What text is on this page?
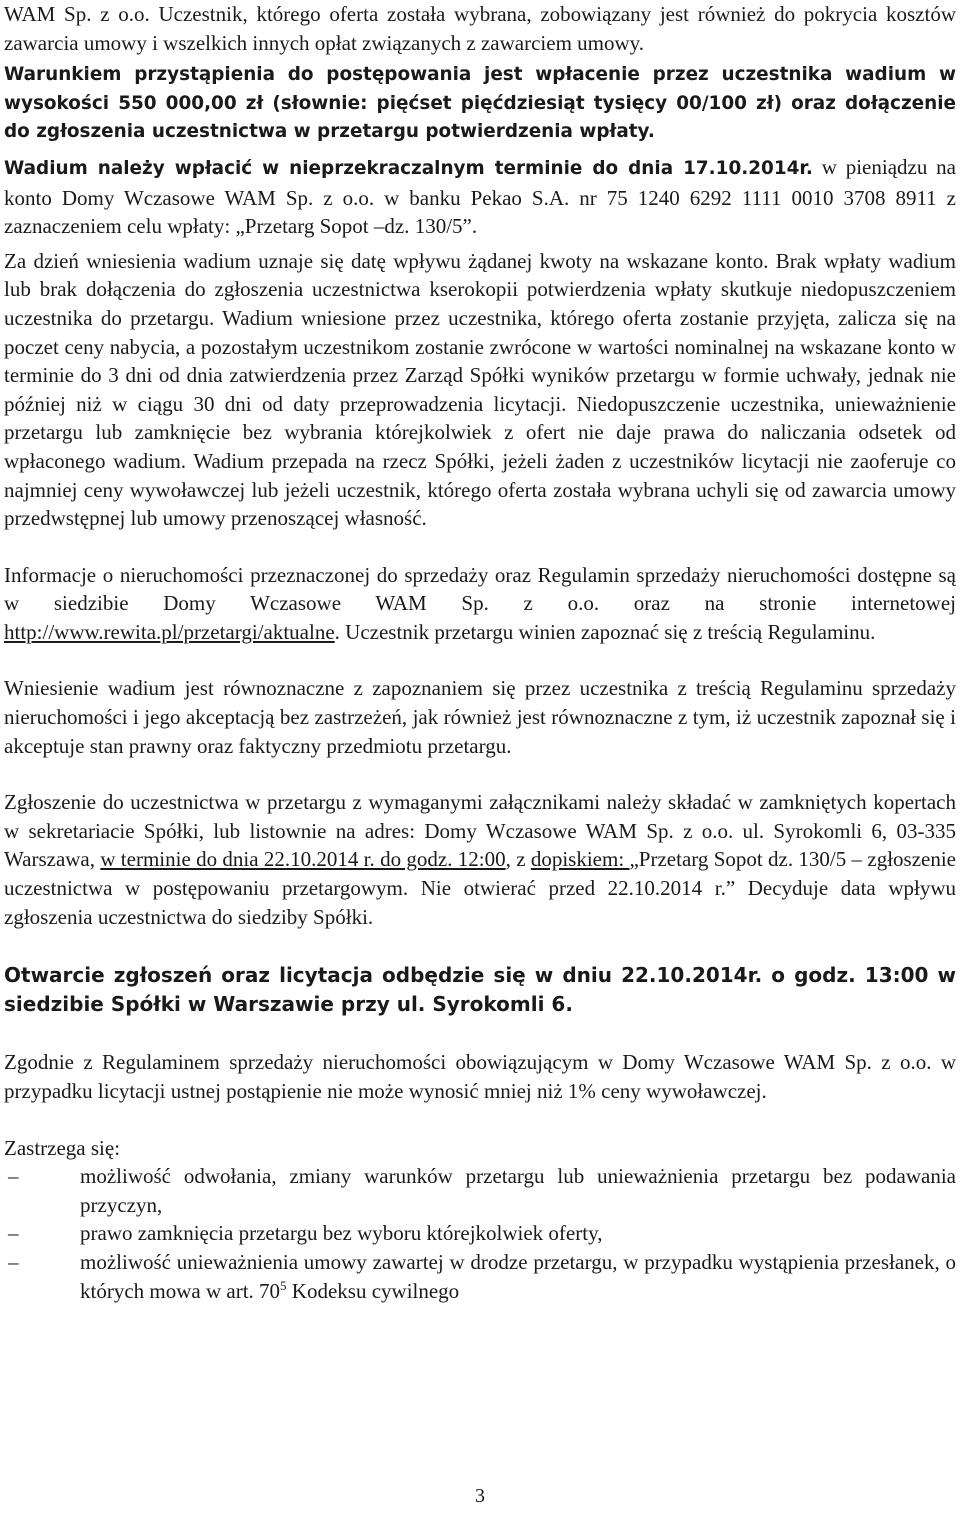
WAM Sp. z o.o. Uczestnik, którego oferta została wybrana, zobowiązany jest również do pokrycia kosztów zawarcia umowy i wszelkich innych opłat związanych z zawarciem umowy.

Warunkiem przystąpienia do postępowania jest wpłacenie przez uczestnika wadium w wysokości 550 000,00 zł (słownie: pięćset pięćdziesiąt tysięcy 00/100 zł) oraz dołączenie do zgłoszenia uczestnictwa w przetargu potwierdzenia wpłaty.

Wadium należy wpłacić w nieprzekraczalnym terminie do dnia 17.10.2014r. w pieniądzu na konto Domy Wczasowe WAM Sp. z o.o. w banku Pekao S.A. nr 75 1240 6292 1111 0010 3708 8911 z zaznaczeniem celu wpłaty: „Przetarg Sopot –dz. 130/5”.

Za dzień wniesienia wadium uznaje się datę wpływu żądanej kwoty na wskazane konto. Brak wpłaty wadium lub brak dołączenia do zgłoszenia uczestnictwa kserokopii potwierdzenia wpłaty skutkuje niedopuszczeniem uczestnika do przetargu. Wadium wniesione przez uczestnika, którego oferta zostanie przyjęta, zalicza się na poczet ceny nabycia, a pozostałym uczestnikom zostanie zwrócone w wartości nominalnej na wskazane konto w terminie do 3 dni od dnia zatwierdzenia przez Zarząd Spółki wyników przetargu w formie uchwały, jednak nie później niż w ciągu 30 dni od daty przeprowadzenia licytacji. Niedopuszczenie uczestnika, unieważnienie przetargu lub zamknięcie bez wybrania którejkolwiek z ofert nie daje prawa do naliczania odsetek od wpłaconego wadium. Wadium przepada na rzecz Spółki, jeżeli żaden z uczestników licytacji nie zaoferuje co najmniej ceny wywoławczej lub jeżeli uczestnik, którego oferta została wybrana uchyli się od zawarcia umowy przedwstępnej lub umowy przenoszącej własność.

Informacje o nieruchomości przeznaczonej do sprzedaży oraz Regulamin sprzedaży nieruchomości dostępne są w siedzibie Domy Wczasowe WAM Sp. z o.o. oraz na stronie internetowej http://www.rewita.pl/przetargi/aktualne. Uczestnik przetargu winien zapoznać się z treścią Regulaminu.

Wniesienie wadium jest równoznaczne z zapoznaniem się przez uczestnika z treścią Regulaminu sprzedaży nieruchomości i jego akceptacją bez zastrzeżeń, jak również jest równoznaczne z tym, iż uczestnik zapoznał się i akceptuje stan prawny oraz faktyczny przedmiotu przetargu.

Zgłoszenie do uczestnictwa w przetargu z wymaganymi załącznikami należy składać w zamkniętych kopertach w sekretariacie Spółki, lub listownie na adres: Domy Wczasowe WAM Sp. z o.o. ul. Syrokomli 6, 03-335 Warszawa, w terminie do dnia 22.10.2014 r. do godz. 12:00, z dopiskiem: „Przetarg Sopot dz. 130/5 – zgłoszenie uczestnictwa w postępowaniu przetargowym. Nie otwierać przed 22.10.2014 r.” Decyduje data wpływu zgłoszenia uczestnictwa do siedziby Spółki.

Otwarcie zgłoszeń oraz licytacja odbędzie się w dniu 22.10.2014r. o godz. 13:00 w siedzibie Spółki w Warszawie przy ul. Syrokomli 6.

Zgodnie z Regulaminem sprzedaży nieruchomości obowiązującym w Domy Wczasowe WAM Sp. z o.o. w przypadku licytacji ustnej postąpienie nie może wynosić mniej niż 1% ceny wywoławczej.

Zastrzega się:

–	możliwość odwołania, zmiany warunków przetargu lub unieważnienia przetargu bez podawania przyczyn,
–	prawo zamknięcia przetargu bez wyboru którejkolwiek oferty,
–	możliwość unieważnienia umowy zawartej w drodze przetargu, w przypadku wystąpienia przesłanek, o których mowa w art. $70^5$ Kodeksu cywilnego
3
